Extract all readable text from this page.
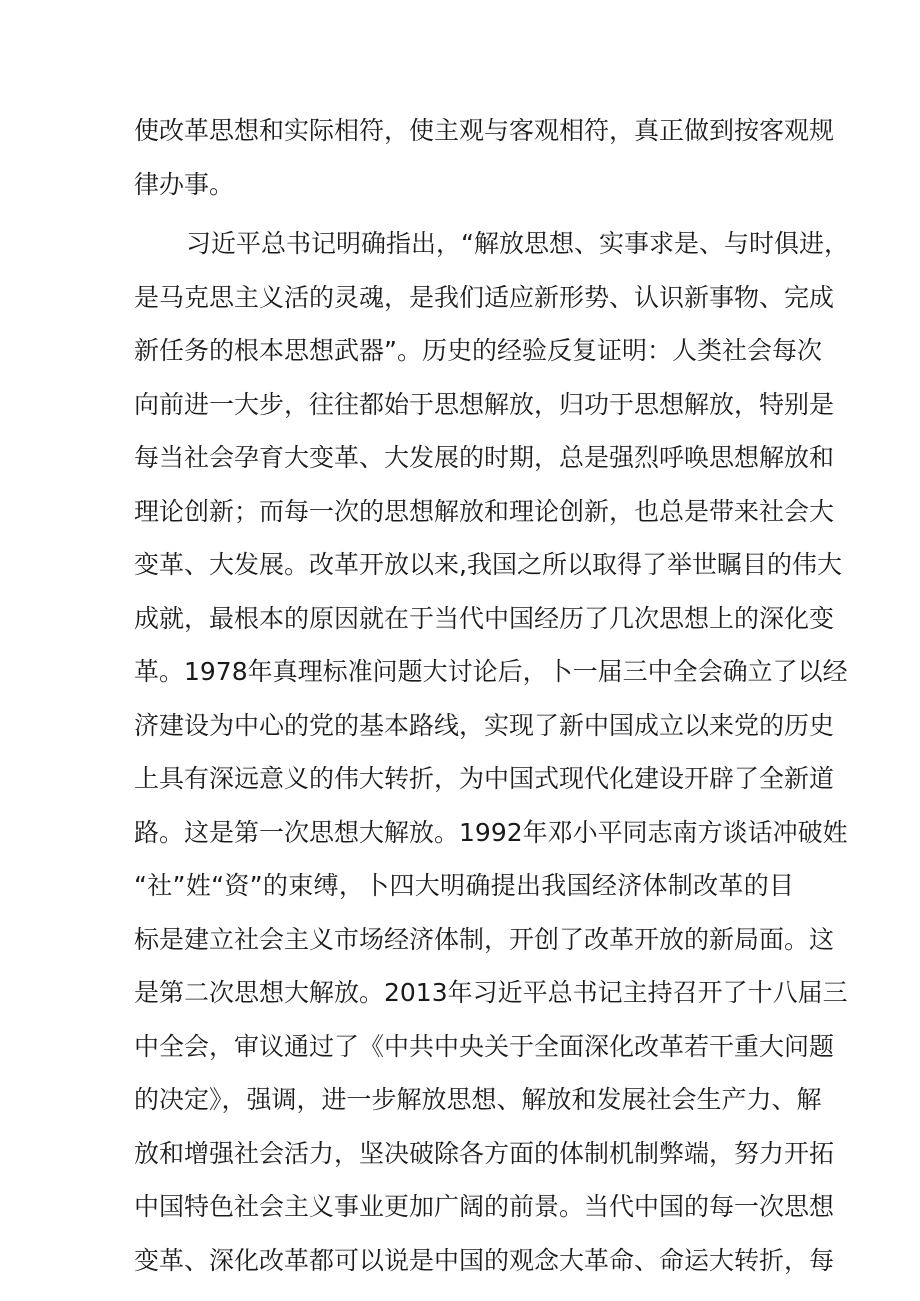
使改革思想和实际相符，使主观与客观相符，真正做到按客观规
律办事。
习近平总书记明确指出，“解放思想、实事求是、与时俱进，
是马克思主义活的灵魂，是我们适应新形势、认识新事物、完成
新任务的根本思想武器”。历史的经验反复证明：人类社会每次
向前进一大步，往往都始于思想解放，归功于思想解放，特别是
每当社会孕育大变革、大发展的时期，总是强烈呼唤思想解放和
理论创新；而每一次的思想解放和理论创新，也总是带来社会大
变革、大发展。改革开放以来,我国之所以取得了举世瞩目的伟大
成就，最根本的原因就在于当代中国经历了几次思想上的深化变
革。1978年真理标准问题大讨论后，卜一届三中全会确立了以经
济建设为中心的党的基本路线，实现了新中国成立以来党的历史
上具有深远意义的伟大转折，为中国式现代化建设开辟了全新道
路。这是第一次思想大解放。1992年邓小平同志南方谈话冲破姓
“社”姓“资”的束缚，卜四大明确提出我国经济体制改革的目
标是建立社会主义市场经济体制，开创了改革开放的新局面。这
是第二次思想大解放。2013年习近平总书记主持召开了十八届三
中全会，审议通过了《中共中央关于全面深化改革若干重大问题
的决定》，强调，进一步解放思想、解放和发展社会生产力、解
放和增强社会活力，坚决破除各方面的体制机制弊端，努力开拓
中国特色社会主义事业更加广阔的前景。当代中国的每一次思想
变革、深化改革都可以说是中国的观念大革命、命运大转折，每
